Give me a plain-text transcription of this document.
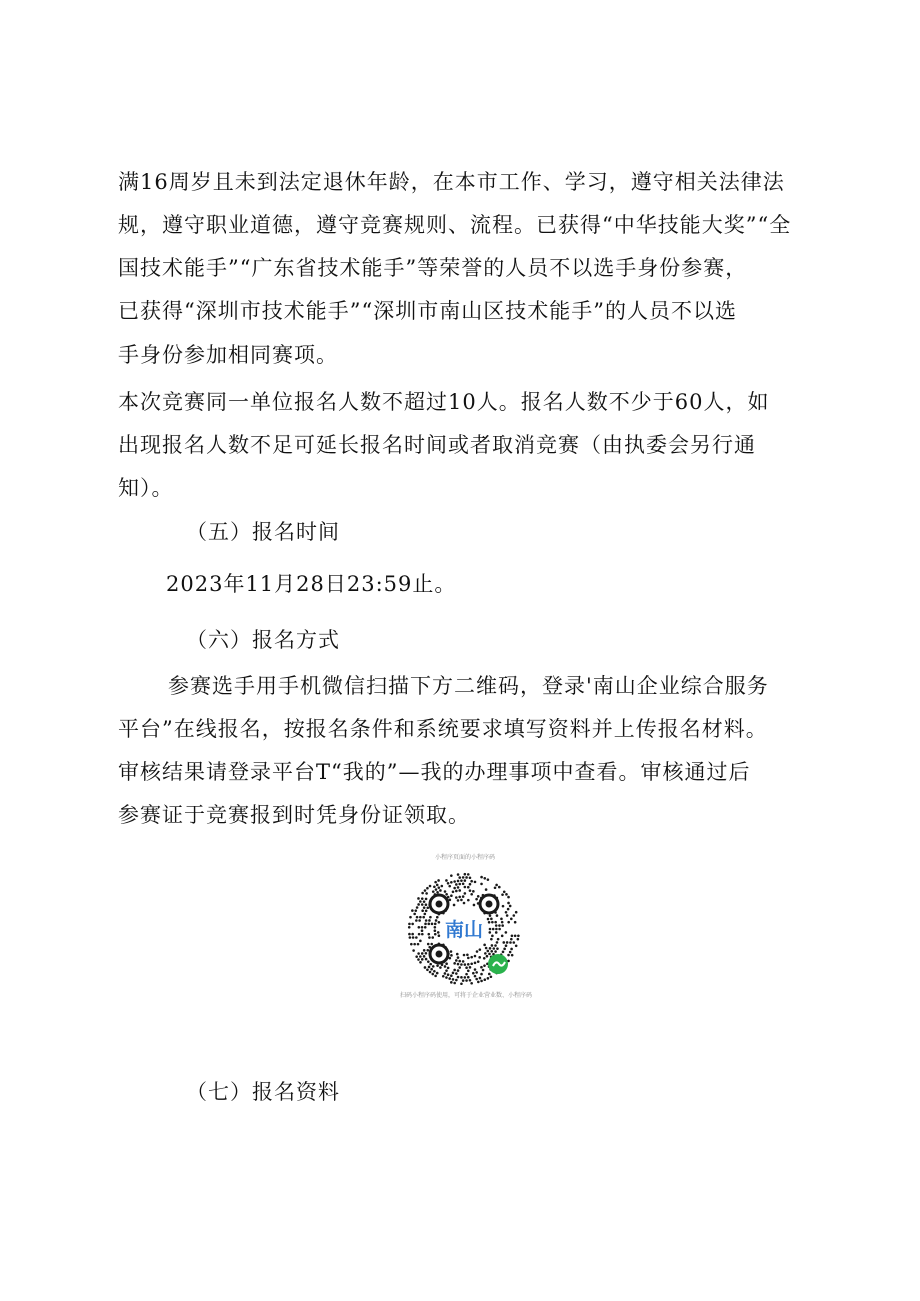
满16周岁且未到法定退休年龄，在本市工作、学习，遵守相关法律法
规，遵守职业道德，遵守竞赛规则、流程。已获得“中华技能大奖”“全
国技术能手”“广东省技术能手”等荣誉的人员不以选手身份参赛，
已获得“深圳市技术能手”“深圳市南山区技术能手”的人员不以选
手身份参加相同赛项。
本次竞赛同一单位报名人数不超过10人。报名人数不少于60人，如
出现报名人数不足可延长报名时间或者取消竞赛（由执委会另行通
知）。
（五）报名时间
2023年11月28日23:59止。
（六）报名方式
参赛选手用手机微信扫描下方二维码，登录'南山企业综合服务
平台”在线报名，按报名条件和系统要求填写资料并上传报名材料。
审核结果请登录平台T“我的”—我的办理事项中查看。审核通过后
参赛证于竞赛报到时凭身份证领取。
小程序页面的小程序码
南山
扫码小程序码使用，可将于企业营业数、小程序码
（七）报名资料
